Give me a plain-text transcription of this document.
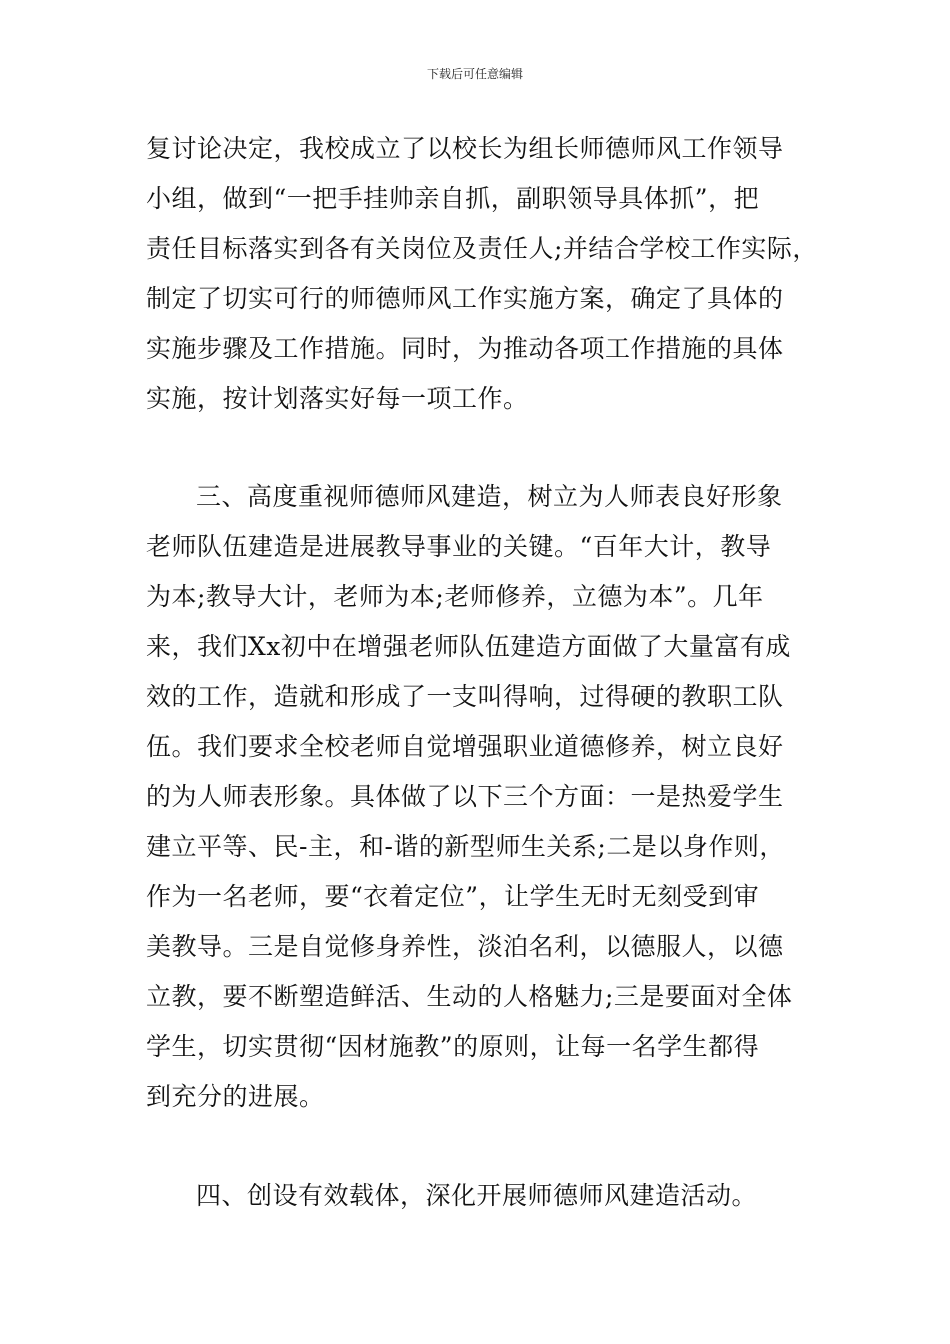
下载后可任意编辑
复讨论决定，我校成立了以校长为组长师德师风工作领导
小组，做到“一把手挂帅亲自抓，副职领导具体抓”，把
责任目标落实到各有关岗位及责任人;并结合学校工作实际，
制定了切实可行的师德师风工作实施方案，确定了具体的
实施步骤及工作措施。同时，为推动各项工作措施的具体
实施，按计划落实好每一项工作。
三、高度重视师德师风建造，树立为人师表良好形象
老师队伍建造是进展教导事业的关键。“百年大计，教导
为本;教导大计，老师为本;老师修养，立德为本”。几年
来，我们Xx初中在增强老师队伍建造方面做了大量富有成
效的工作，造就和形成了一支叫得响，过得硬的教职工队
伍。我们要求全校老师自觉增强职业道德修养，树立良好
的为人师表形象。具体做了以下三个方面：一是热爱学生
建立平等、民-主，和-谐的新型师生关系;二是以身作则，
作为一名老师，要“衣着定位”，让学生无时无刻受到审
美教导。三是自觉修身养性，淡泊名利，以德服人，以德
立教，要不断塑造鲜活、生动的人格魅力;三是要面对全体
学生，切实贯彻“因材施教”的原则，让每一名学生都得
到充分的进展。
四、创设有效载体，深化开展师德师风建造活动。
